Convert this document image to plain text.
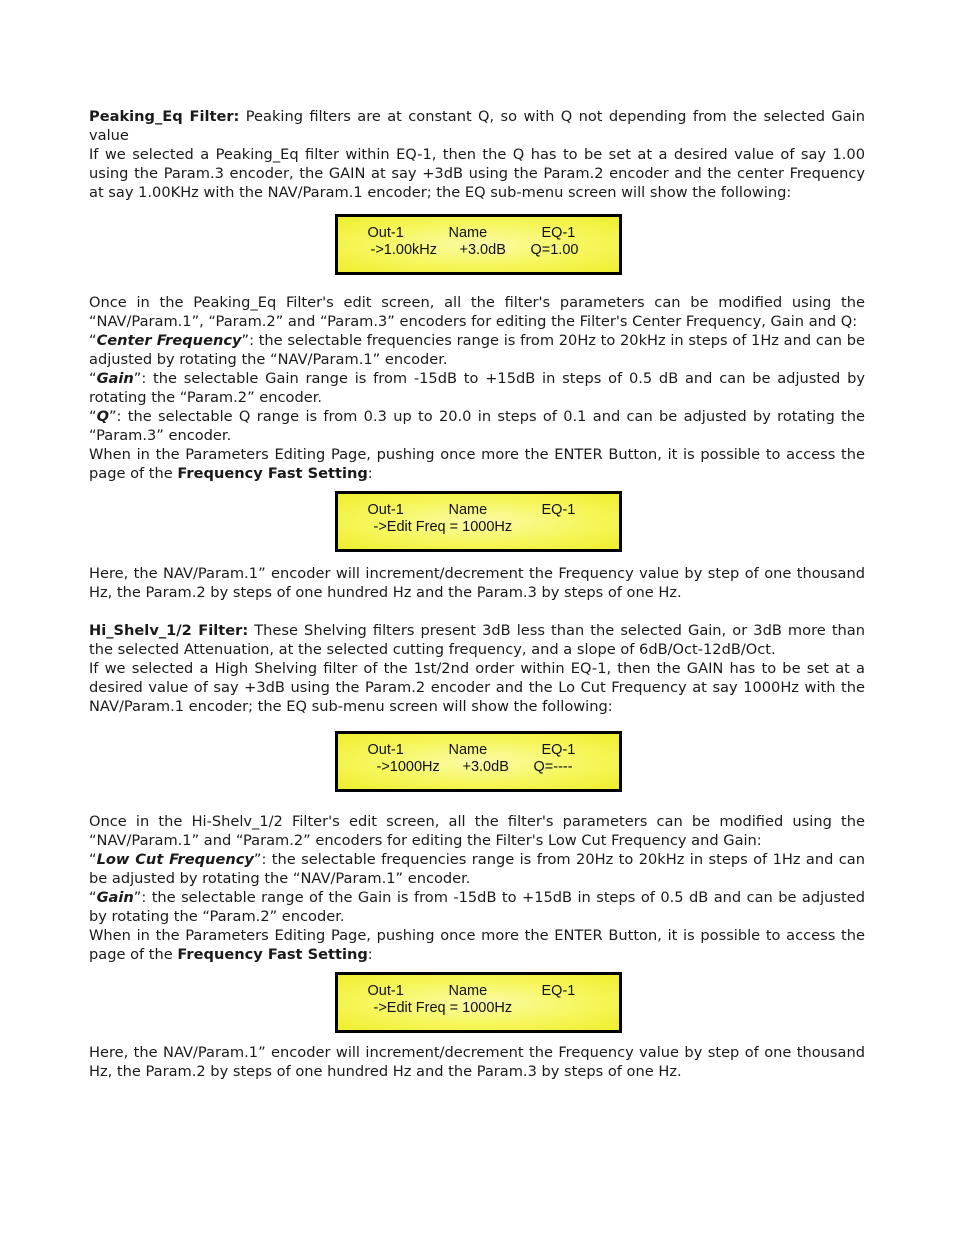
Peaking_Eq Filter: Peaking filters are at constant Q, so with Q not depending from the selected Gain value

If we selected a Peaking_Eq filter within EQ-1, then the Q has to be set at a desired value of say 1.00 using the Param.3 encoder, the GAIN at say +3dB using the Param.2 encoder and the center Frequency at say 1.00KHz with the NAV/Param.1 encoder; the EQ sub-menu screen will show the following:

Out-1	Name	EQ-1
->1.00kHz +3.0dB Q=1.00

Once in the Peaking_Eq Filter's edit screen, all the filter's parameters can be modified using the “NAV/Param.1”, “Param.2” and “Param.3” encoders for editing the Filter's Center Frequency, Gain and Q:

“Center Frequency”: the selectable frequencies range is from 20Hz to 20kHz in steps of 1Hz and can be adjusted by rotating the “NAV/Param.1” encoder.

“Gain”: the selectable Gain range is from -15dB to +15dB in steps of 0.5 dB and can be adjusted by rotating the “Param.2” encoder.

“Q”: the selectable Q range is from 0.3 up to 20.0 in steps of 0.1 and can be adjusted by rotating the “Param.3” encoder.

When in the Parameters Editing Page, pushing once more the ENTER Button, it is possible to access the page of the Frequency Fast Setting:

Out-1	Name	EQ-1
->Edit Freq = 1000Hz

Here, the NAV/Param.1” encoder will increment/decrement the Frequency value by step of one thousand Hz, the Param.2 by steps of one hundred Hz and the Param.3 by steps of one Hz.

Hi_Shelv_1/2 Filter: These Shelving filters present 3dB less than the selected Gain, or 3dB more than the selected Attenuation, at the selected cutting frequency, and a slope of 6dB/Oct-12dB/Oct.

If we selected a High Shelving filter of the 1st/2nd order within EQ-1, then the GAIN has to be set at a desired value of say +3dB using the Param.2 encoder and the Lo Cut Frequency at say 1000Hz with the NAV/Param.1 encoder; the EQ sub-menu screen will show the following:

Out-1	Name	EQ-1
->1000Hz +3.0dB Q=----

Once in the Hi-Shelv_1/2 Filter's edit screen, all the filter's parameters can be modified using the “NAV/Param.1” and “Param.2” encoders for editing the Filter's Low Cut Frequency and Gain:

“Low Cut Frequency”: the selectable frequencies range is from 20Hz to 20kHz in steps of 1Hz and can be adjusted by rotating the “NAV/Param.1” encoder.

“Gain”: the selectable range of the Gain is from -15dB to +15dB in steps of 0.5 dB and can be adjusted by rotating the “Param.2” encoder.

When in the Parameters Editing Page, pushing once more the ENTER Button, it is possible to access the page of the Frequency Fast Setting:

Out-1	Name	EQ-1
->Edit Freq = 1000Hz

Here, the NAV/Param.1” encoder will increment/decrement the Frequency value by step of one thousand Hz, the Param.2 by steps of one hundred Hz and the Param.3 by steps of one Hz.
